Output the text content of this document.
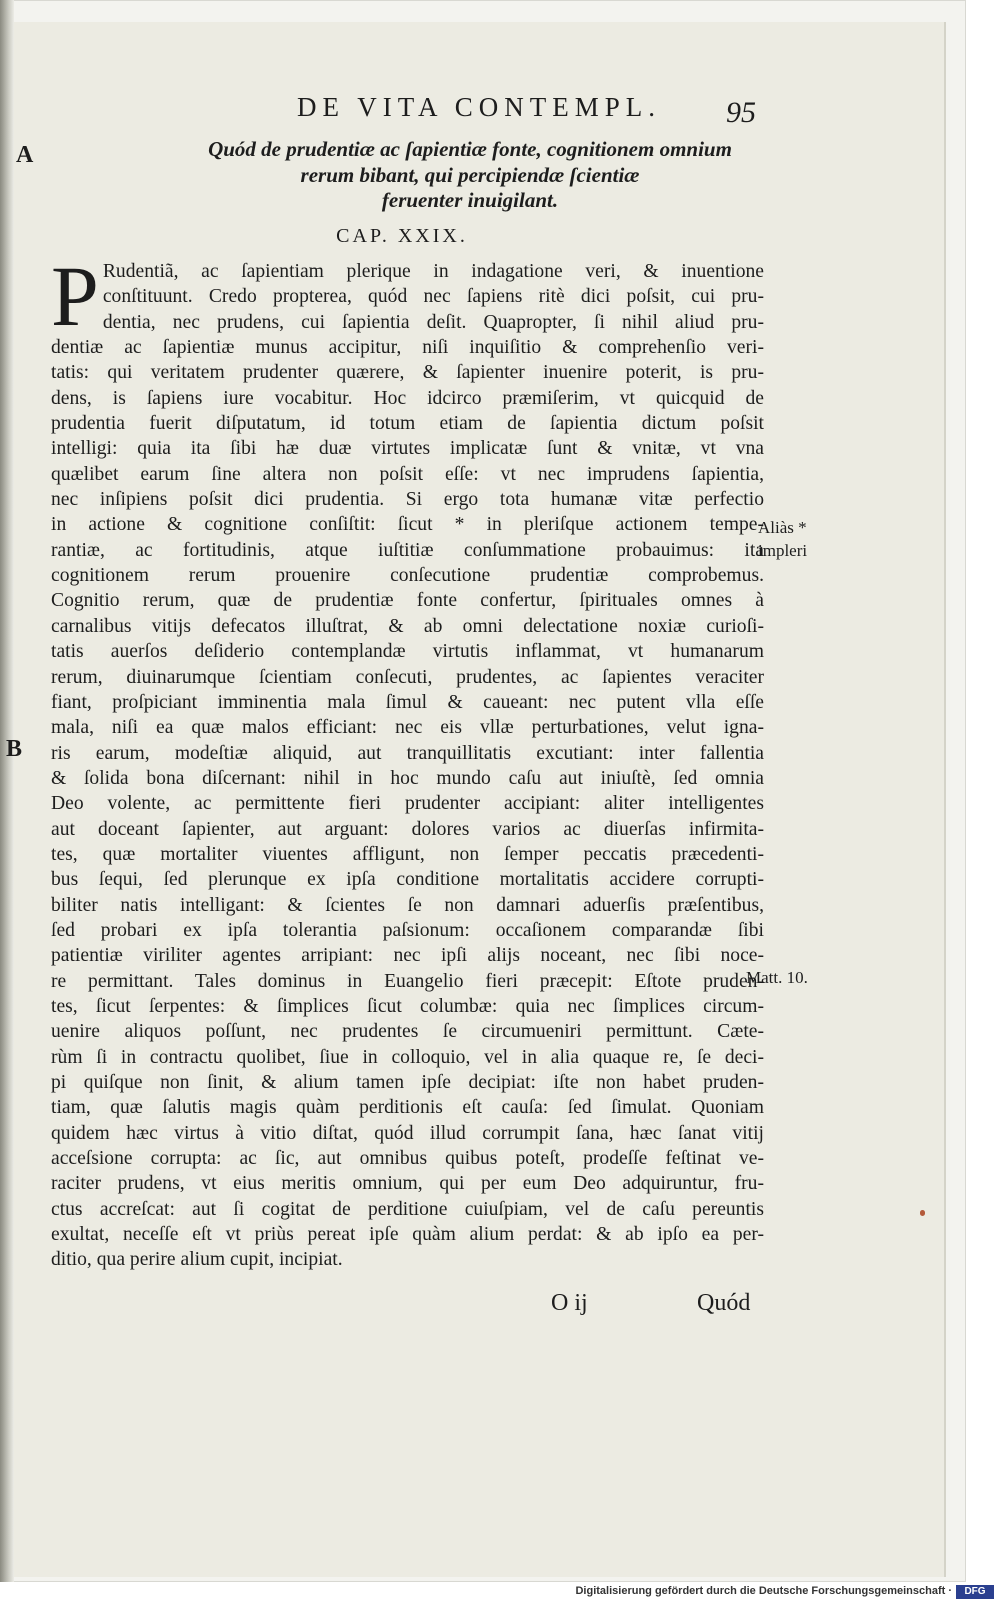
DE VITA CONTEMPL.	95
A
B
Quód de prudentiæ ac ſapientiæ fonte, cognitionem omnium
rerum bibant, qui percipiendæ ſcientiæ
feruenter inuigilant.
CAP. XXIX.
P Rudentiã, ac ſapientiam plerique in indagatione veri, & inuentione
conſtituunt. Credo propterea, quód nec ſapiens ritè dici poſsit, cui pru-
dentia, nec prudens, cui ſapientia deſit. Quapropter, ſi nihil aliud pru-
dentiæ ac ſapientiæ munus accipitur, niſi inquiſitio & comprehenſio veri-
tatis: qui veritatem prudenter quærere, & ſapienter inuenire poterit, is pru-
dens, is ſapiens iure vocabitur. Hoc idcirco præmiſerim, vt quicquid de
prudentia fuerit diſputatum, id totum etiam de ſapientia dictum poſsit
intelligi: quia ita ſibi hæ duæ virtutes implicatæ ſunt & vnitæ, vt vna
quælibet earum ſine altera non poſsit eſſe: vt nec imprudens ſapientia,
nec inſipiens poſsit dici prudentia. Si ergo tota humanæ vitæ perfectio
in actione & cognitione conſiſtit: ſicut * in pleriſque actionem tempe-
rantiæ, ac fortitudinis, atque iuſtitiæ conſummatione probauimus: ita
cognitionem rerum prouenire conſecutione prudentiæ comprobemus.
Cognitio rerum, quæ de prudentiæ fonte confertur, ſpirituales omnes à
carnalibus vitijs defecatos illuſtrat, & ab omni delectatione noxiæ curioſi-
tatis auerſos deſiderio contemplandæ virtutis inflammat, vt humanarum
rerum, diuinarumque ſcientiam conſecuti, prudentes, ac ſapientes veraciter
fiant, proſpiciant imminentia mala ſimul & caueant: nec putent vlla eſſe
mala, niſi ea quæ malos efficiant: nec eis vllæ perturbationes, velut igna-
ris earum, modeſtiæ aliquid, aut tranquillitatis excutiant: inter fallentia
& ſolida bona diſcernant: nihil in hoc mundo caſu aut iniuſtè, ſed omnia
Deo volente, ac permittente fieri prudenter accipiant: aliter intelligentes
aut doceant ſapienter, aut arguant: dolores varios ac diuerſas infirmita-
tes, quæ mortaliter viuentes affligunt, non ſemper peccatis præcedenti-
bus ſequi, ſed plerunque ex ipſa conditione mortalitatis accidere corrupti-
biliter natis intelligant: & ſcientes ſe non damnari aduerſis præſentibus,
ſed probari ex ipſa tolerantia paſsionum: occaſionem comparandæ ſibi
patientiæ viriliter agentes arripiant: nec ipſi alijs noceant, nec ſibi noce-
re permittant. Tales dominus in Euangelio fieri præcepit: Eſtote pruden-
tes, ſicut ſerpentes: & ſimplices ſicut columbæ: quia nec ſimplices circum-
uenire aliquos poſſunt, nec prudentes ſe circumueniri permittunt. Cæte-
rùm ſi in contractu quolibet, ſiue in colloquio, vel in alia quaque re, ſe deci-
pi quiſque non ſinit, & alium tamen ipſe decipiat: iſte non habet pruden-
tiam, quæ ſalutis magis quàm perditionis eſt cauſa: ſed ſimulat. Quoniam
quidem hæc virtus à vitio diſtat, quód illud corrumpit ſana, hæc ſanat vitij
acceſsione corrupta: ac ſic, aut omnibus quibus poteſt, prodeſſe feſtinat ve-
raciter prudens, vt eius meritis omnium, qui per eum Deo adquiruntur, fru-
ctus accreſcat: aut ſi cogitat de perditione cuiuſpiam, vel de caſu pereuntis
exultat, neceſſe eſt vt priùs pereat ipſe quàm alium perdat: & ab ipſo ea per-
ditio, qua perire alium cupit, incipiat.
Aliàs *
impleri
Matt. 10.
O ij	Quód
Digitalisierung gefördert durch die Deutsche Forschungsgemeinschaft ·	DFG
